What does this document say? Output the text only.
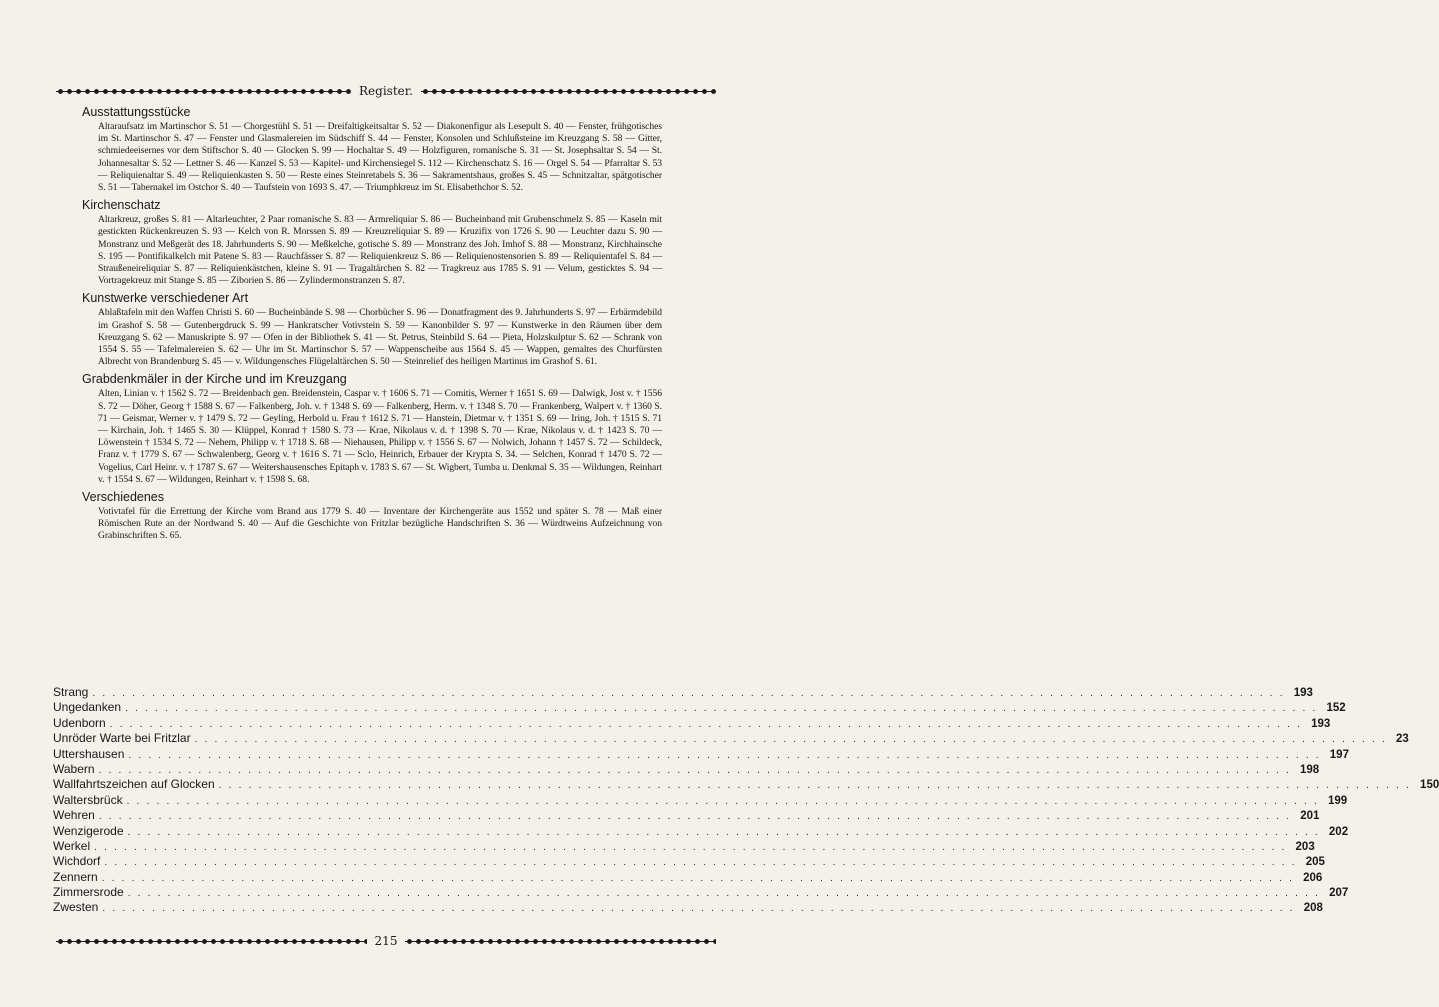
Register.
Ausstattungsstücke

Altaraufsatz im Martinschor S. 51 — Chorgestühl S. 51 — Dreifaltigkeitsaltar S. 52 — Diakonenfigur als Lesepult S. 40 — Fenster, frühgotisches im St. Martinschor S. 47 — Fenster und Glasmalereien im Südschiff S. 44 — Fenster, Konsolen und Schlußsteine im Kreuzgang S. 58 — Gitter, schmiedeeisernes vor dem Stiftschor S. 40 — Glocken S. 99 — Hochaltar S. 49 — Holzfiguren, romanische S. 31 — St. Josephsaltar S. 54 — St. Johannesaltar S. 52 — Lettner S. 46 — Kanzel S. 53 — Kapitel- und Kirchensiegel S. 112 — Kirchenschatz S. 16 — Orgel S. 54 — Pfarraltar S. 53 — Reliquienaltar S. 49 — Reliquienkasten S. 50 — Reste eines Steinretabels S. 36 — Sakramentshaus, großes S. 45 — Schnitzaltar, spätgotischer S. 51 — Tabernakel im Ostchor S. 40 — Taufstein von 1693 S. 47. — Triumphkreuz im St. Elisabethchor S. 52.

Kirchenschatz

Altarkreuz, großes S. 81 — Altarleuchter, 2 Paar romanische S. 83 — Armreliquiar S. 86 — Bucheinband mit Grubenschmelz S. 85 — Kaseln mit gestickten Rückenkreuzen S. 93 — Kelch von R. Morssen S. 89 — Kreuzreliquiar S. 89 — Kruzifix von 1726 S. 90 — Leuchter dazu S. 90 — Monstranz und Meßgerät des 18. Jahrhunderts S. 90 — Meßkelche, gotische S. 89 — Monstranz des Joh. Imhof S. 88 — Monstranz, Kirchhainsche S. 195 — Pontifikalkelch mit Patene S. 83 — Rauchfässer S. 87 — Reliquienkreuz S. 86 — Reliquienostensorien S. 89 — Reliquientafel S. 84 — Straußeneireliquiar S. 87 — Reliquienkästchen, kleine S. 91 — Tragaltärchen S. 82 — Tragkreuz aus 1785 S. 91 — Velum, gesticktes S. 94 — Vortragekreuz mit Stange S. 85 — Ziborien S. 86 — Zylindermonstranzen S. 87.

Kunstwerke verschiedener Art

Ablaßtafeln mit den Waffen Christi S. 60 — Bucheinbände S. 98 — Chorbücher S. 96 — Donatfragment des 9. Jahrhunderts S. 97 — Erbärmdebild im Grashof S. 58 — Gutenbergdruck S. 99 — Hankratscher Votivstein S. 59 — Kanonbilder S. 97 — Kunstwerke in den Räumen über dem Kreuzgang S. 62 — Manuskripte S. 97 — Ofen in der Bibliothek S. 41 — St. Petrus, Steinbild S. 64 — Pieta, Holzskulptur S. 62 — Schrank von 1554 S. 55 — Tafelmalereien S. 62 — Uhr im St. Martinschor S. 57 — Wappenscheibe aus 1564 S. 45 — Wappen, gemaltes des Churfürsten Albrecht von Brandenburg S. 45 — v. Wildungensches Flügelaltärchen S. 50 — Steinrelief des heiligen Martinus im Grashof S. 61.

Grabdenkmäler in der Kirche und im Kreuzgang

Alten, Linian v. † 1562 S. 72 — Breidenbach gen. Breidenstein, Caspar v. † 1606 S. 71 — Comitis, Werner † 1651 S. 69 — Dalwigk, Jost v. † 1556 S. 72 — Döher, Georg † 1588 S. 67 — Falkenberg, Joh. v. † 1348 S. 69 — Falkenberg, Herm. v. † 1348 S. 70 — Frankenberg, Walpert v. † 1360 S. 71 — Geismar, Werner v. † 1479 S. 72 — Geyling, Herbold u. Frau † 1612 S. 71 — Hanstein, Dietmar v. † 1351 S. 69 — Iring, Joh. † 1515 S. 71 — Kirchain, Joh. † 1465 S. 30 — Klüppel, Konrad † 1580 S. 73 — Krae, Nikolaus v. d. † 1398 S. 70 — Krae, Nikolaus v. d. † 1423 S. 70 — Löwenstein † 1534 S. 72 — Nehem, Philipp v. † 1718 S. 68 — Niehausen, Philipp v. † 1556 S. 67 — Nolwich, Johann † 1457 S. 72 — Schildeck, Franz v. † 1779 S. 67 — Schwalenberg, Georg v. † 1616 S. 71 — Sclo, Heinrich, Erbauer der Krypta S. 34. — Selchen, Konrad † 1470 S. 72 — Vogelius, Carl Heinr. v. † 1787 S. 67 — Weitershausensches Epitaph v. 1783 S. 67 — St. Wigbert, Tumba u. Denkmal S. 35 — Wildungen, Reinhart v. † 1554 S. 67 — Wildungen, Reinhart v. † 1598 S. 68.

Verschiedenes

Votivtafel für die Errettung der Kirche vom Brand aus 1779 S. 40 — Inventare der Kirchengeräte aus 1552 und später S. 78 — Maß einer Römischen Rute an der Nordwand S. 40 — Auf die Geschichte von Fritzlar bezügliche Handschriften S. 36 — Würdtweins Aufzeichnung von Grabinschriften S. 65.

Strang ........................................................................................................................ 193
Ungedanken ........................................................................................................................ 152
Udenborn ........................................................................................................................ 193
Unröder Warte bei Fritzlar ........................................................................................................................ 23
Uttershausen ........................................................................................................................ 197
Wabern ........................................................................................................................ 198
Wallfahrtszeichen auf Glocken ........................................................................................................................ 150
Waltersbrück ........................................................................................................................ 199
Wehren ........................................................................................................................ 201
Wenzigerode ........................................................................................................................ 202
Werkel ........................................................................................................................ 203
Wichdorf ........................................................................................................................ 205
Zennern ........................................................................................................................ 206
Zimmersrode ........................................................................................................................ 207
Zwesten ........................................................................................................................ 208
215
